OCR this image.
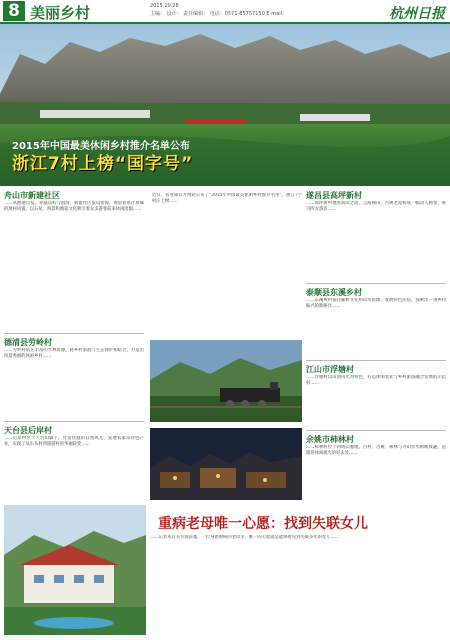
8 美丽乡村	2015.10.28
主编： 设计： 责任编辑： 电话：0571-85757150 E-mail：	杭州日报
2015年中国最美休闲乡村推介名单公布
浙江7村上榜“国字号”
舟山市新建社区
……从渔港出发，穿越岛屿与海湾，新建社区依山傍海，保留着原汁原味的渔村风貌，以石屋、海景和渔家文化吸引着众多游客前来休闲度假……
德清县劳岭村
……劳岭村依托丰富的竹林资源，将乡村旅游与生态保护相结合，打造出风景秀丽的休闲乡村……
天台县后岸村
……后岸村位于天台山脚下，凭借优越的自然风光，发展农家乐特色产业，实现了从石头村到旅游村的华丽转变……
近日，农业部官方网站公布了“2015年中国最美休闲乡村推介名单”，浙江7个村庄上榜……
遂昌县高坪新村
……高坪新村地处高山之间，云海梯田、古树老屋构成一幅动人画卷，吸引四方游客……
泰顺县东溪乡村
……东溪乡村依托廊桥文化和山水资源，发展特色民宿，探索出一条乡村振兴的新路径……
江山市浮塘村
……浮塘村以田园风光为特色，打造休闲农业与乡村旅游融合发展的示范村……
余姚市柿林村
……柿林村位于四明山腹地，古村、古树、柿林与丹山赤水相映成趣，是游客休闲观光的好去处……
重病老母唯一心愿：找到失联女儿
……记者从有关方面获悉，一位身患重病的老母亲，唯一的心愿就是能够再见到失联多年的女儿……
